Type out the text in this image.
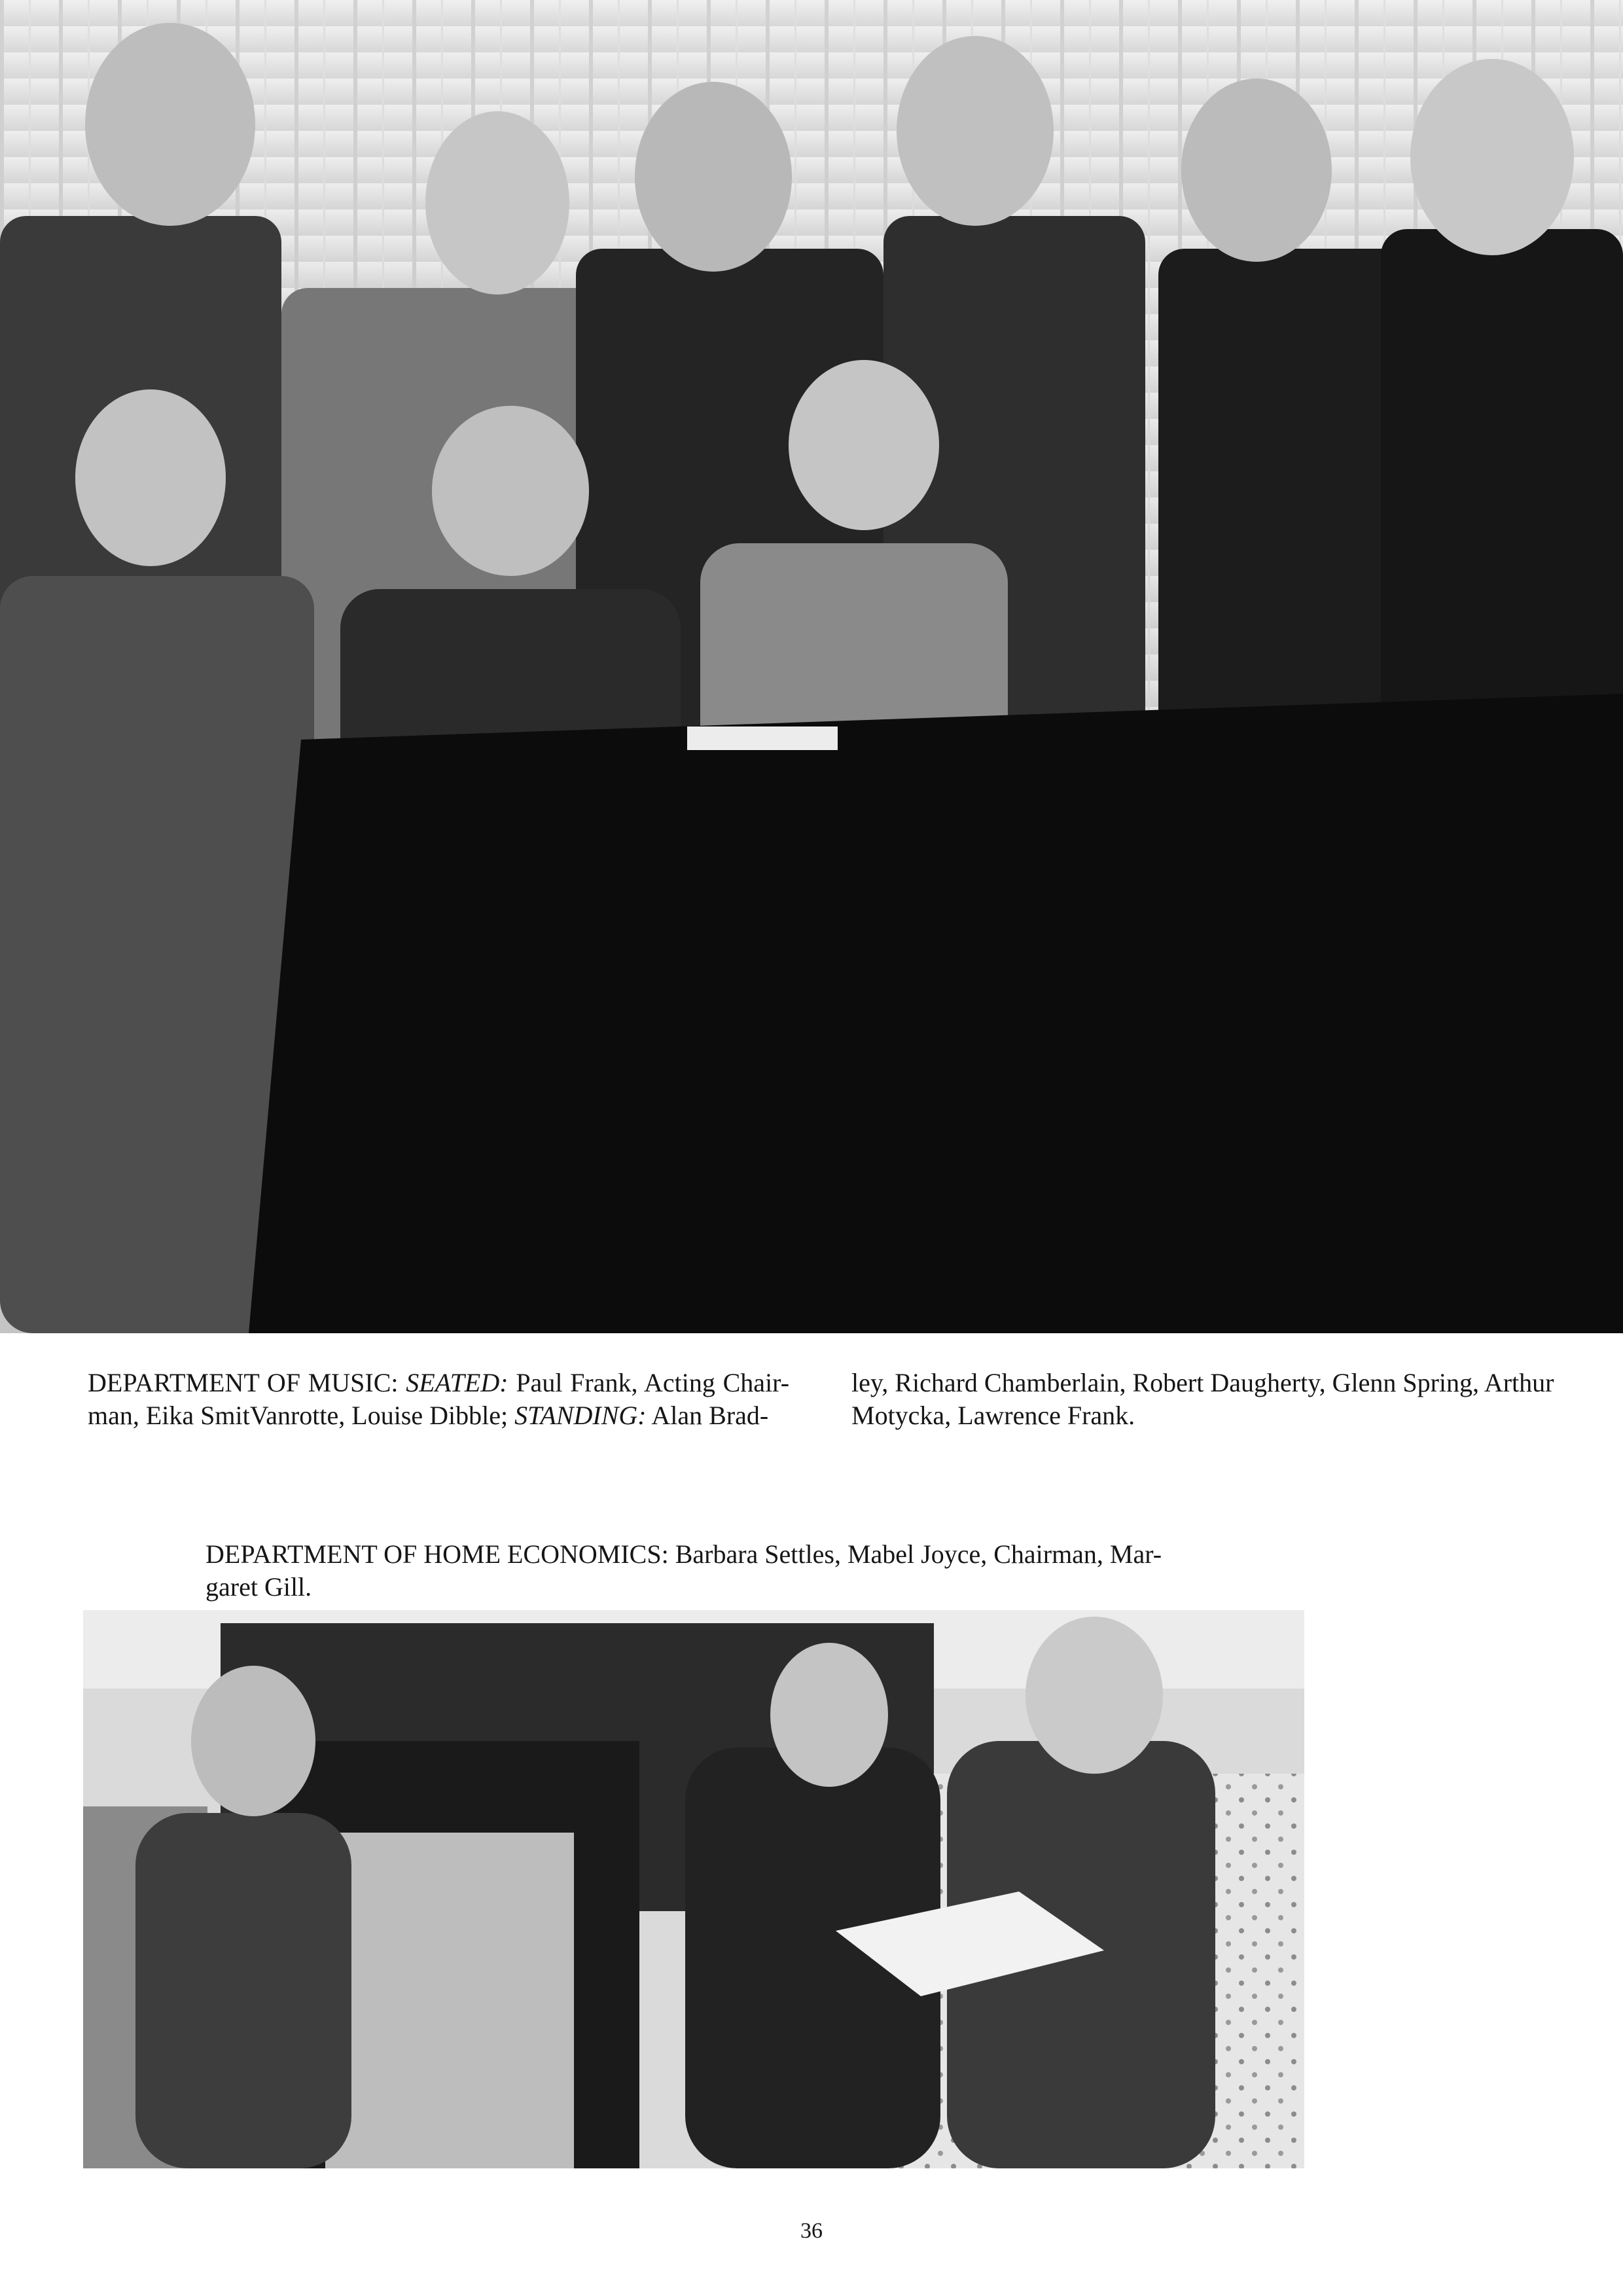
DEPARTMENT OF MUSIC: SEATED: Paul Frank, Acting Chair- man, Eika SmitVanrotte, Louise Dibble; STANDING: Alan Brad-

ley, Richard Chamberlain, Robert Daugherty, Glenn Spring, Arthur
Motycka, Lawrence Frank.

DEPARTMENT OF HOME ECONOMICS: Barbara Settles, Mabel Joyce, Chairman, Mar-
garet Gill.

36
